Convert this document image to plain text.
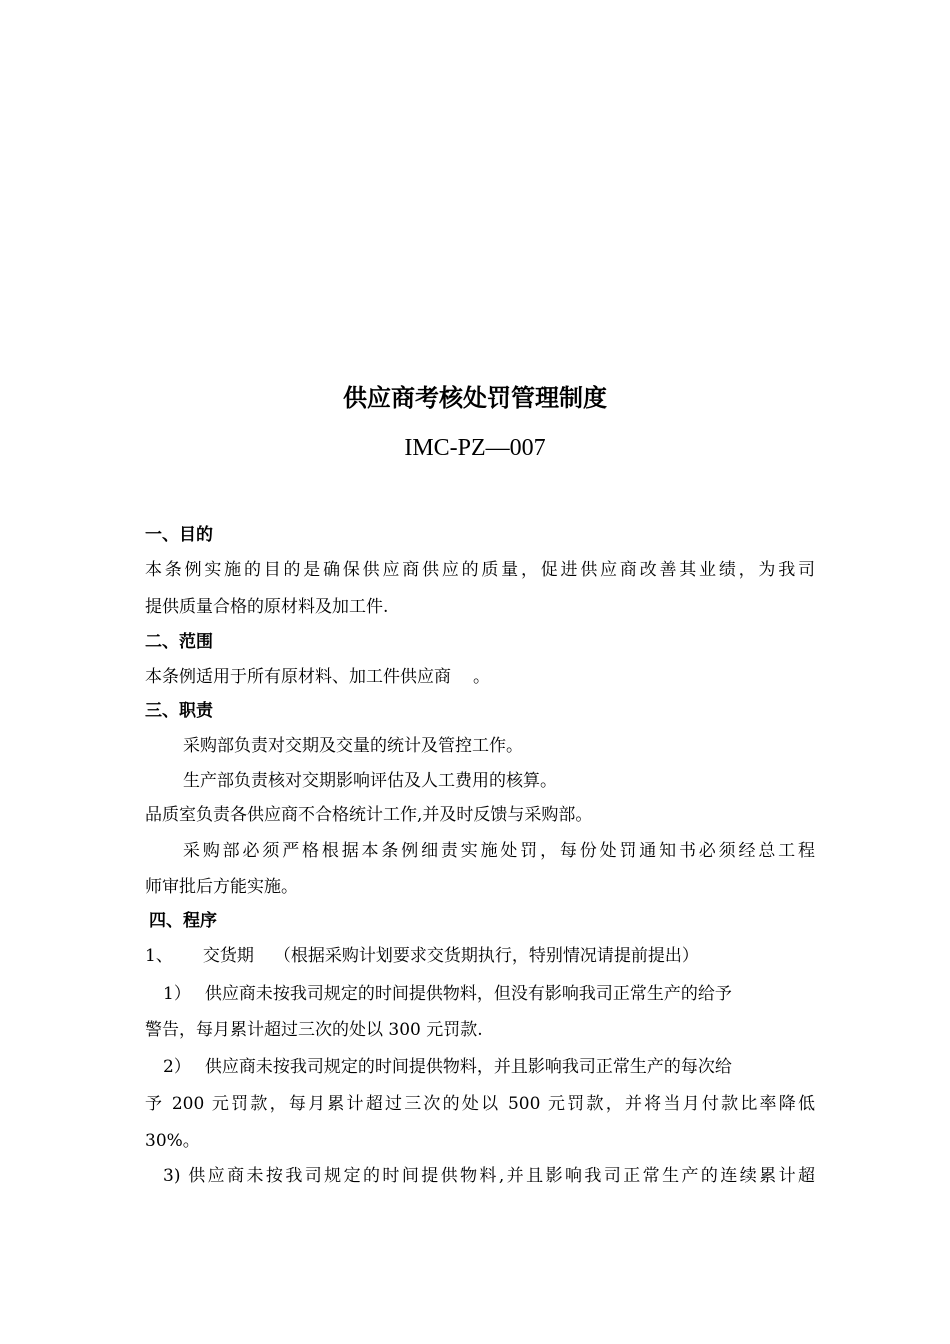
供应商考核处罚管理制度
IMC-PZ—007
一、目的
本条例实施的目的是确保供应商供应的质量，促进供应商改善其业绩，为我司
提供质量合格的原材料及加工件.
二、范围
本条例适用于所有原材料、加工件供应商 。
三、职责
采购部负责对交期及交量的统计及管控工作。
生产部负责核对交期影响评估及人工费用的核算。
品质室负责各供应商不合格统计工作,并及时反馈与采购部。
采购部必须严格根据本条例细责实施处罚，每份处罚通知书必须经总工程
师审批后方能实施。
四、程序
1、 交货期 （根据采购计划要求交货期执行，特别情况请提前提出）
1） 供应商未按我司规定的时间提供物料，但没有影响我司正常生产的给予
警告，每月累计超过三次的处以 300 元罚款.
2） 供应商未按我司规定的时间提供物料，并且影响我司正常生产的每次给
予 200 元罚款，每月累计超过三次的处以 500 元罚款，并将当月付款比率降低
30%。
3) 供应商未按我司规定的时间提供物料,并且影响我司正常生产的连续累计超
